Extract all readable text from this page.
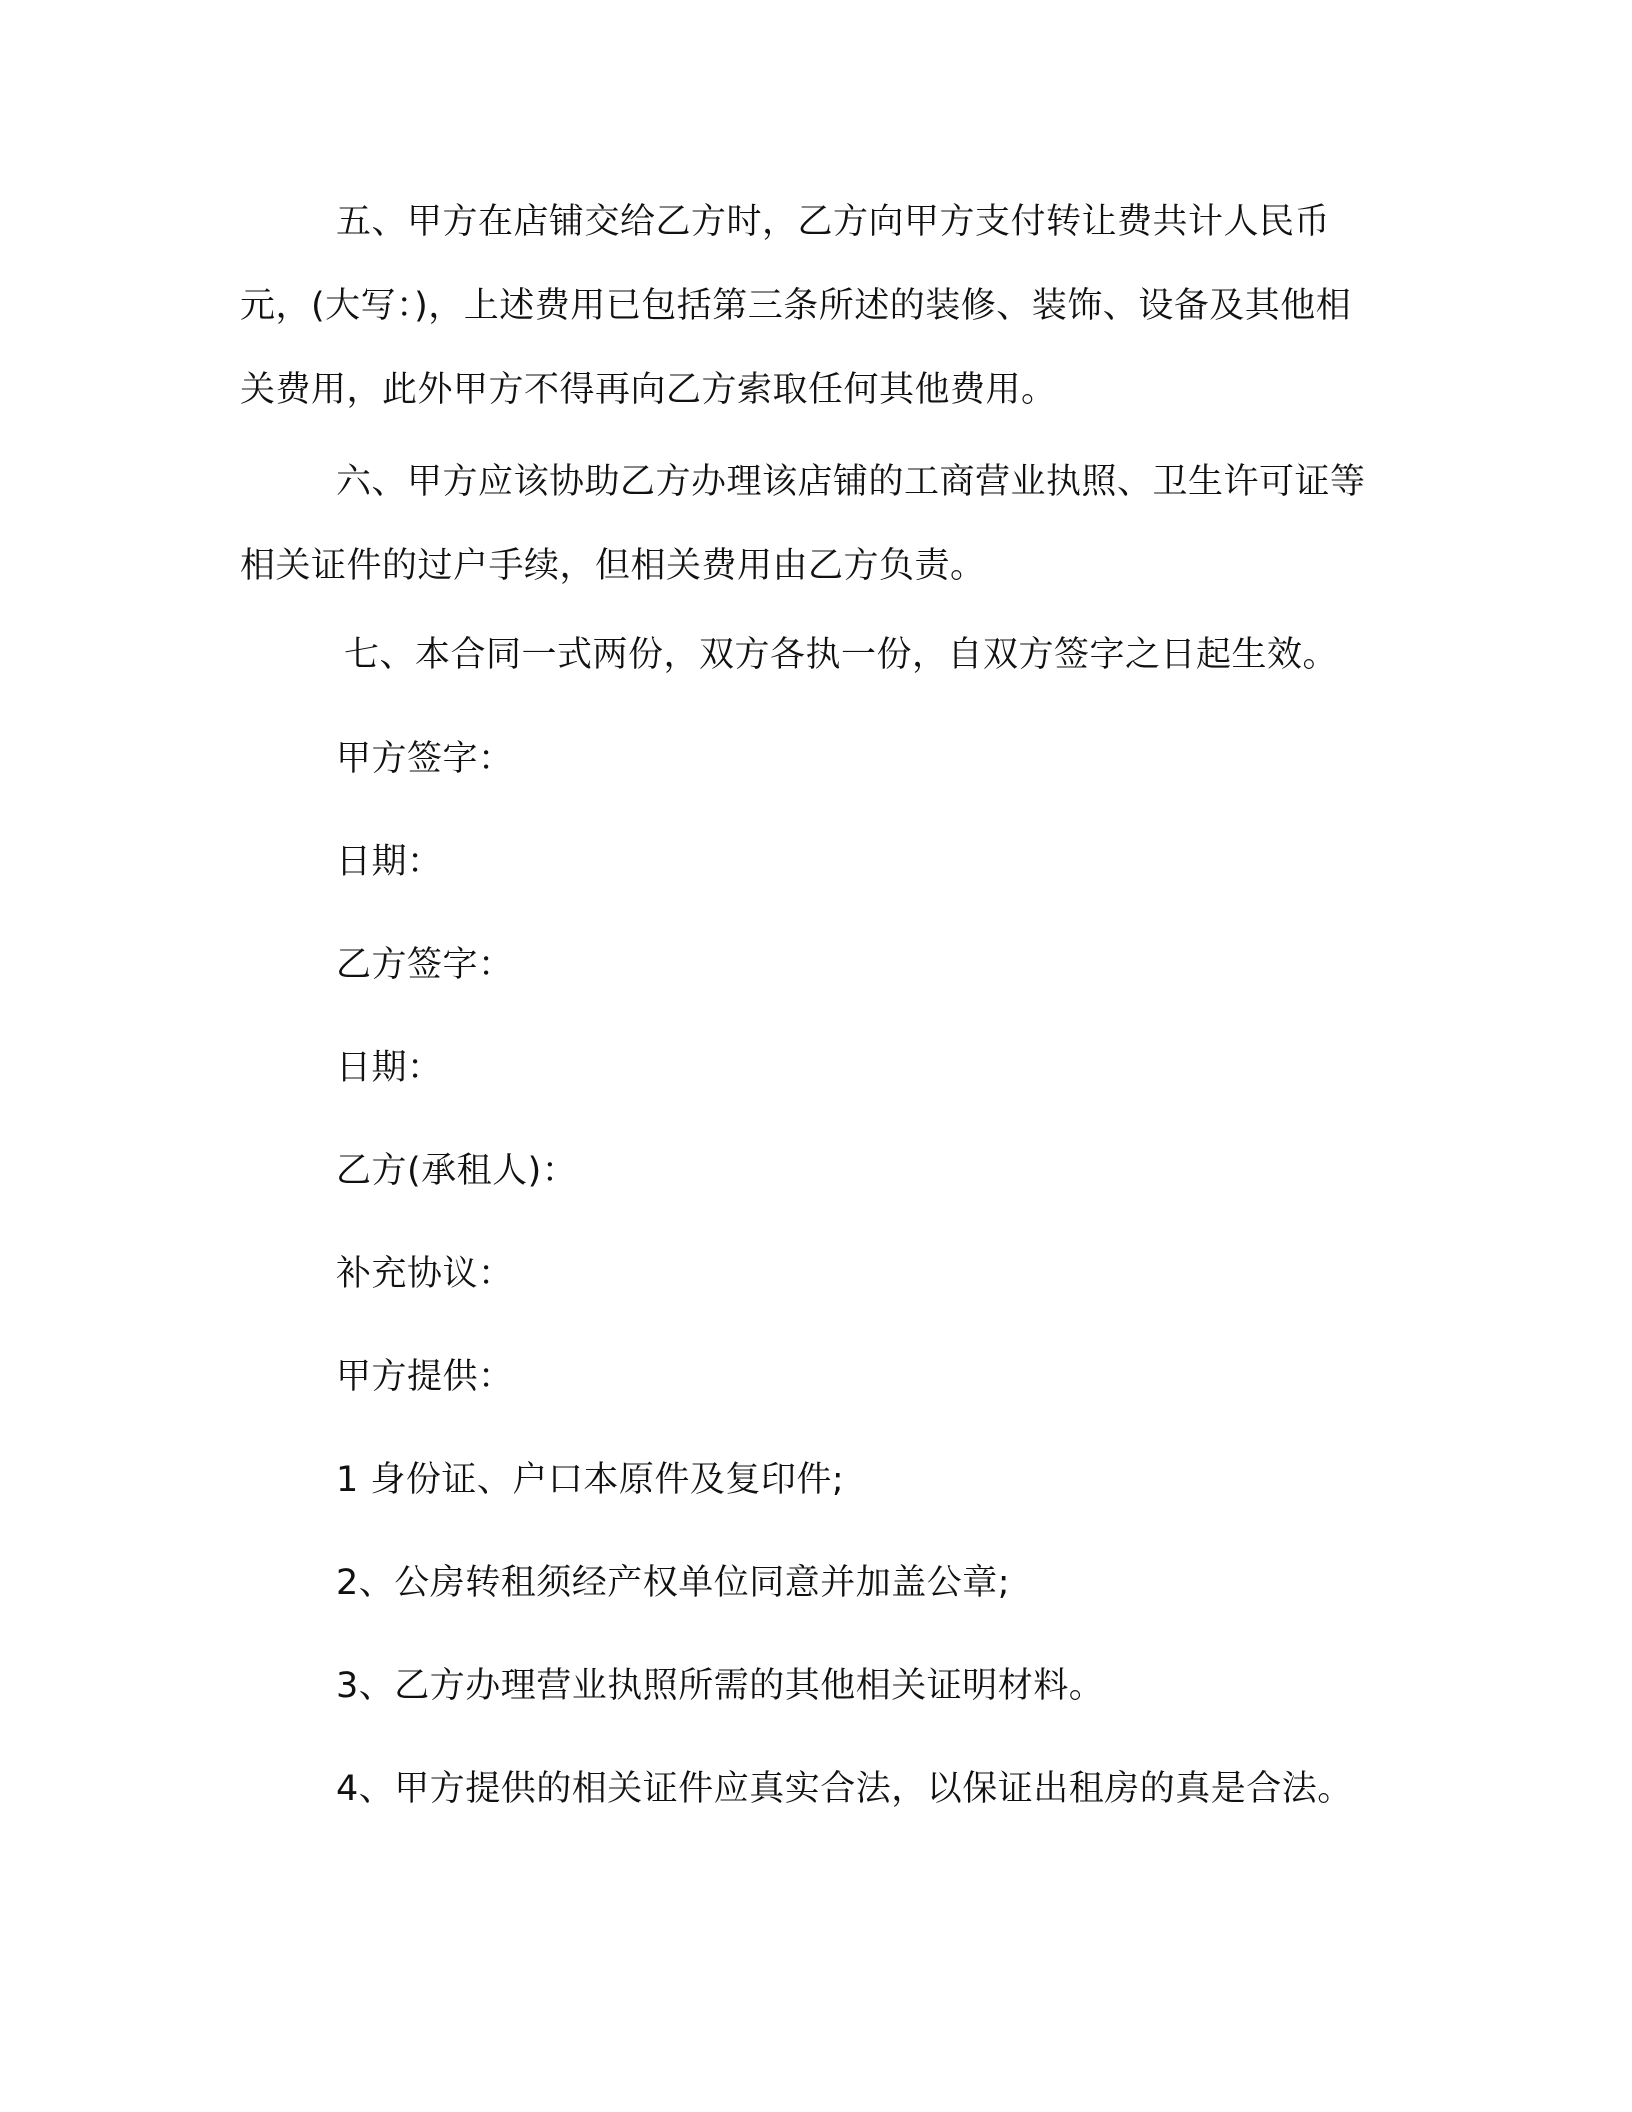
五、甲方在店铺交给乙方时，乙方向甲方支付转让费共计人民币元，(大写：)，上述费用已包括第三条所述的装修、装饰、设备及其他相关费用，此外甲方不得再向乙方索取任何其他费用。

六、甲方应该协助乙方办理该店铺的工商营业执照、卫生许可证等相关证件的过户手续，但相关费用由乙方负责。

七、本合同一式两份，双方各执一份，自双方签字之日起生效。

甲方签字：

日期：

乙方签字：

日期：

乙方(承租人)：

补充协议：

甲方提供：

1 身份证、户口本原件及复印件;

2、公房转租须经产权单位同意并加盖公章;

3、乙方办理营业执照所需的其他相关证明材料。

4、甲方提供的相关证件应真实合法，以保证出租房的真是合法。
